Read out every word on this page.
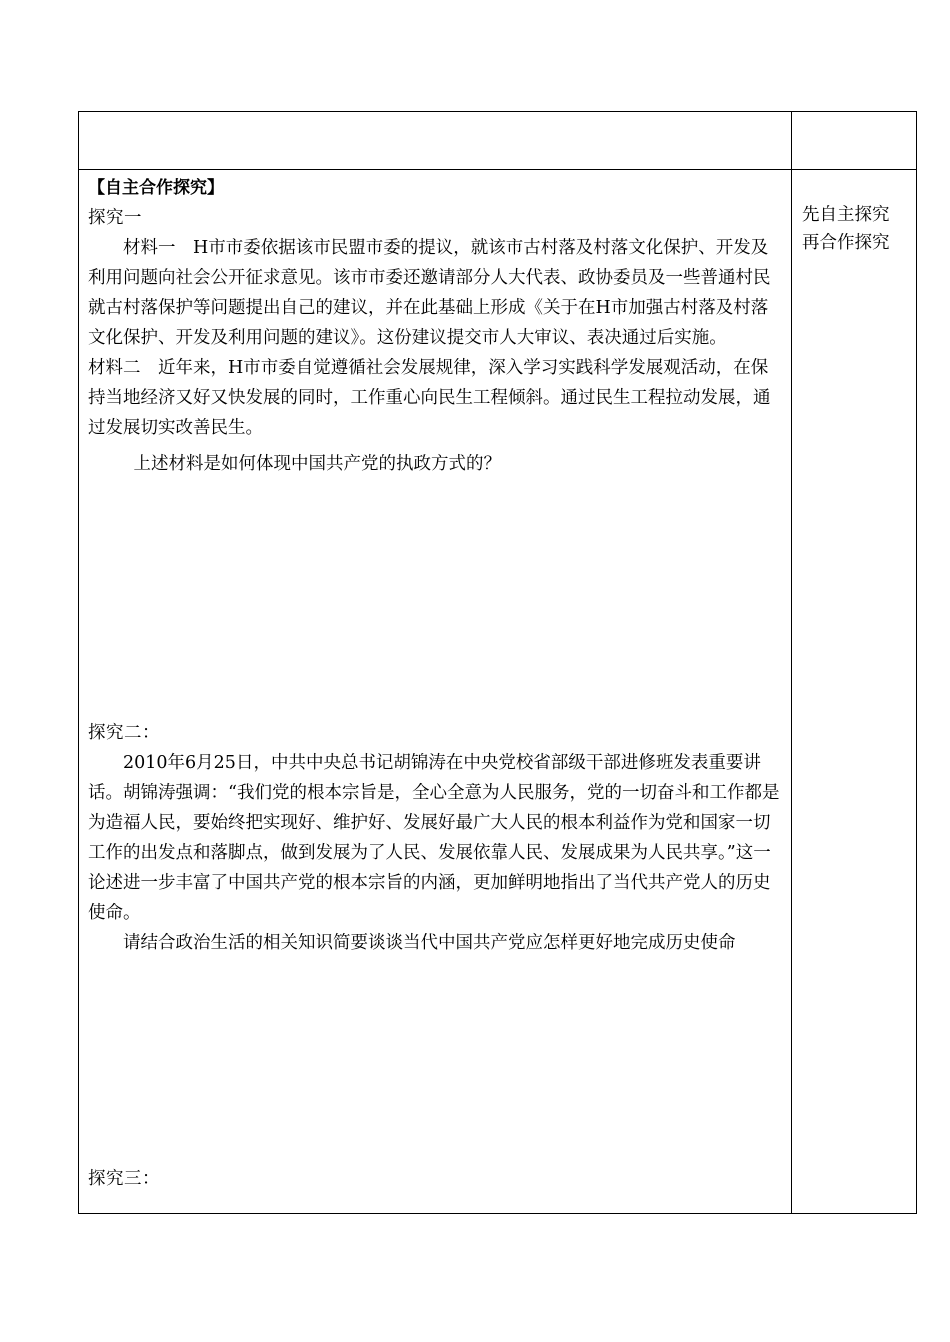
【自主合作探究】

探究一

材料一　H市市委依据该市民盟市委的提议，就该市古村落及村落文化保护、开发及利用问题向社会公开征求意见。该市市委还邀请部分人大代表、政协委员及一些普通村民就古村落保护等问题提出自己的建议，并在此基础上形成《关于在H市加强古村落及村落文化保护、开发及利用问题的建议》。这份建议提交市人大审议、表决通过后实施。

材料二　近年来，H市市委自觉遵循社会发展规律，深入学习实践科学发展观活动，在保持当地经济又好又快发展的同时，工作重心向民生工程倾斜。通过民生工程拉动发展，通过发展切实改善民生。

上述材料是如何体现中国共产党的执政方式的？

探究二：

2010年6月25日，中共中央总书记胡锦涛在中央党校省部级干部进修班发表重要讲话。胡锦涛强调：“我们党的根本宗旨是，全心全意为人民服务，党的一切奋斗和工作都是为造福人民，要始终把实现好、维护好、发展好最广大人民的根本利益作为党和国家一切工作的出发点和落脚点，做到发展为了人民、发展依靠人民、发展成果为人民共享。”这一论述进一步丰富了中国共产党的根本宗旨的内涵，更加鲜明地指出了当代共产党人的历史使命。

请结合政治生活的相关知识简要谈谈当代中国共产党应怎样更好地完成历史使命

探究三：

先自主探究

再合作探究
